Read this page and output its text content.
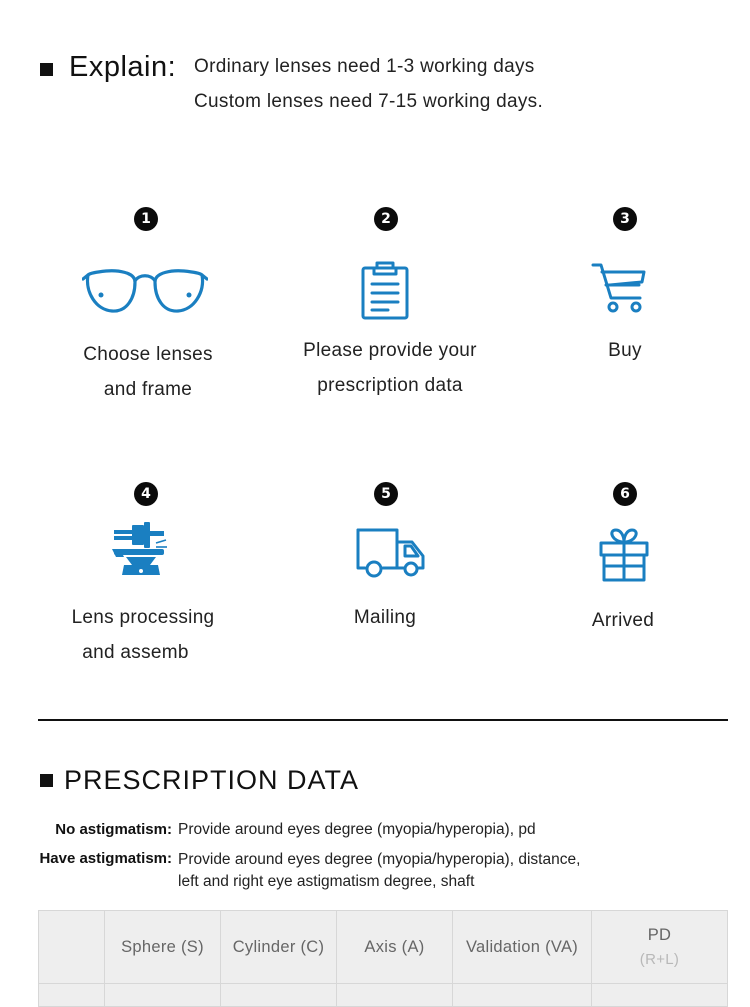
Explain: Ordinary lenses need 1-3 working days
Custom lenses need 7-15 working days.
1
Choose lenses
and frame
2
Please provide your
prescription data
3
Buy
4
Lens processing
and assemb
5
Mailing
6
Arrived
PRESCRIPTION DATA
No astigmatism: Provide around eyes degree (myopia/hyperopia), pd
Have astigmatism: Provide around eyes degree (myopia/hyperopia), distance,
left and right eye astigmatism degree, shaft
	Sphere (S)	Cylinder (C)	Axis (A)	Validation (VA)	PD
(R+L)
